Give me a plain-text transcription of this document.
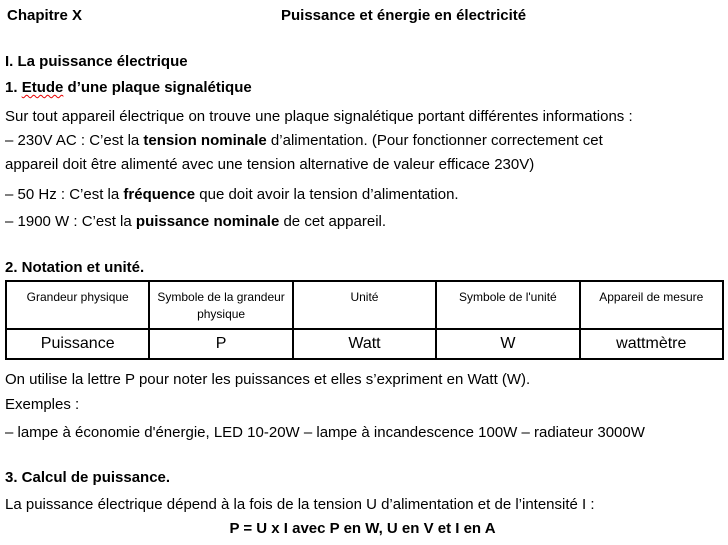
Chapitre X	Puissance et énergie en électricité
I. La puissance électrique
1. Etude d’une plaque signalétique
Sur tout appareil électrique on trouve une plaque signalétique portant différentes informations :
– 230V AC : C’est la tension nominale d’alimentation. (Pour fonctionner correctement cet
appareil doit être alimenté avec une tension alternative de valeur efficace 230V)
– 50 Hz : C’est la fréquence que doit avoir la tension d’alimentation.
– 1900 W : C’est la puissance nominale de cet appareil.
2. Notation et unité.
Grandeur physique	Symbole de la grandeur physique	Unité	Symbole de l'unité	Appareil de mesure
Puissance	P	Watt	W	wattmètre
On utilise la lettre P pour noter les puissances et elles s’expriment en Watt (W).
Exemples :
– lampe à économie d'énergie, LED 10-20W – lampe à incandescence 100W – radiateur 3000W
3. Calcul de puissance.
La puissance électrique dépend à la fois de la tension U d’alimentation et de l’intensité I :
P = U x I avec P en W, U en V et I en A
